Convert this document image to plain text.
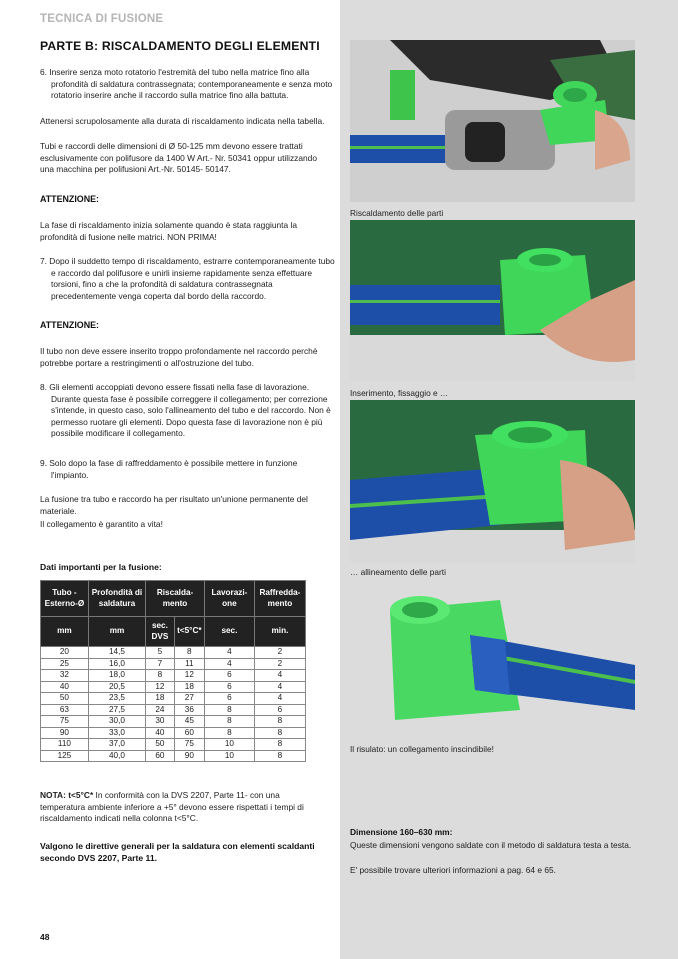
TECNICA DI FUSIONE
PARTE B: RISCALDAMENTO DEGLI ELEMENTI
6. Inserire senza moto rotatorio l'estremità del tubo nella matrice fino alla profondità di saldatura contrassegnata; contemporaneamente e senza moto rotatorio inserire anche il raccordo sulla matrice fino alla battuta.
Attenersi scrupolosamente alla durata di riscaldamento indicata nella tabella.
Tubi e raccordi delle dimensioni di Ø 50-125 mm devono essere trattati esclusivamente con polifusore da 1400 W Art.- Nr. 50341 oppur utilizzando una macchina per polifusioni Art.-Nr. 50145- 50147.
ATTENZIONE:
La fase di riscaldamento inizia solamente quando è stata raggiunta la profondità di fusione nelle matrici. NON PRIMA!
7. Dopo il suddetto tempo di riscaldamento, estrarre contemporaneamente tubo e raccordo dal polifusore e unirli insieme rapidamente senza effettuare torsioni, fino a che la profondità di saldatura contrassegnata precedentemente venga coperta dal bordo della raccordo.
ATTENZIONE:
Il tubo non deve essere inserito troppo profondamente nel raccordo perchè potrebbe portare a restringimenti o all'ostruzione del tubo.
8. Gli elementi accoppiati devono essere fissati nella fase di lavorazione. Durante questa fase è possibile correggere il collegamento; per correzione s'intende, in questo caso, solo l'allineamento del tubo e del raccordo. Non è permesso ruotare gli elementi. Dopo questa fase di lavorazione non è più possibile modificare il collegamento.
9. Solo dopo la fase di raffreddamento è possibile mettere in funzione l'impianto.
La fusione tra tubo e raccordo ha per risultato un'unione permanente del materiale.
Il collegamento è garantito a vita!
Dati importanti per la fusione:
Tubo - Esterno-Ø	Profondità di saldatura	Riscalda-mento		Lavorazi-one	Raffredda-mento
mm	mm	sec. DVS	t<5°C*	sec.	min.
20	14,5	5	8	4	2
25	16,0	7	11	4	2
32	18,0	8	12	6	4
40	20,5	12	18	6	4
50	23,5	18	27	6	4
63	27,5	24	36	8	6
75	30,0	30	45	8	8
90	33,0	40	60	8	8
110	37,0	50	75	10	8
125	40,0	60	90	10	8
NOTA: t<5°C* In conformità con la DVS 2207, Parte 11- con una temperatura ambiente inferiore a +5° devono essere rispettati i tempi di riscaldamento indicati nella colonna t<5°C.
Valgono le direttive generali per la saldatura con elementi scaldanti secondo DVS 2207, Parte 11.
48
Riscaldamento delle parti
Inserimento, fissaggio e …
… allineamento delle parti
Il risulato: un collegamento inscindibile!
Dimensione 160–630 mm:
Queste dimensioni vengono saldate con il metodo di saldatura testa a testa.
E' possibile trovare ulteriori informazioni a pag. 64 e 65.
